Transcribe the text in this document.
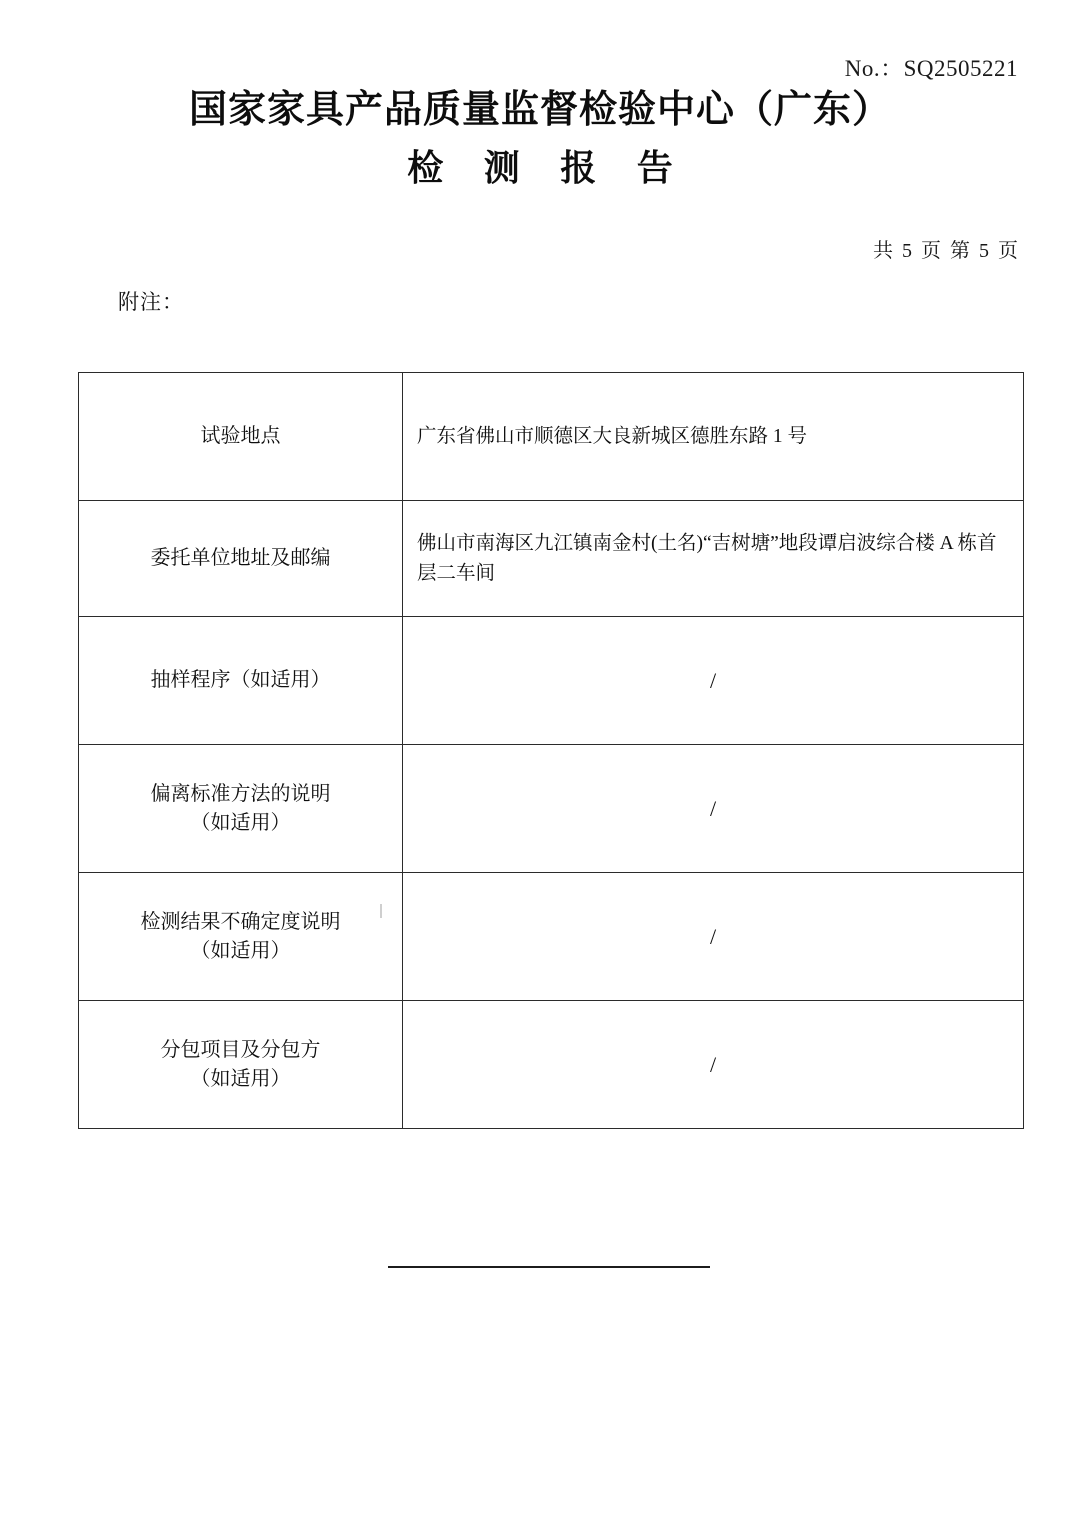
No.：SQ2505221
国家家具产品质量监督检验中心（广东）
检 测 报 告
共 5 页 第 5 页
附注：
试验地点	广东省佛山市顺德区大良新城区德胜东路 1 号
委托单位地址及邮编	佛山市南海区九江镇南金村(土名)“吉树塘”地段谭启波综合楼 A 栋首层二车间
抽样程序（如适用）	/
偏离标准方法的说明
（如适用）	/
检测结果不确定度说明
（如适用）	/
分包项目及分包方
（如适用）	/
